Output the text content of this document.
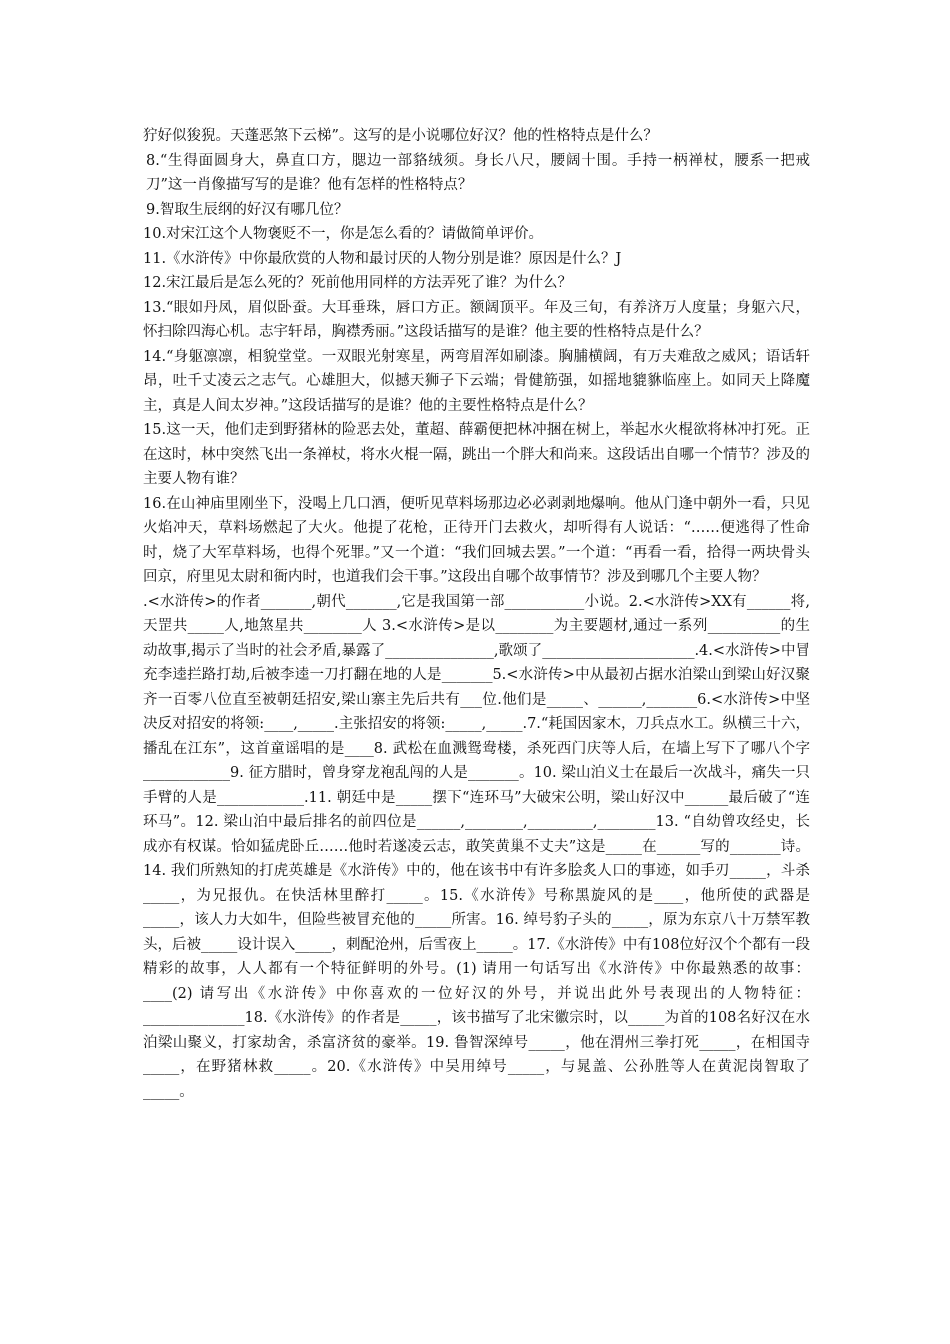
狞好似狻猊。天蓬恶煞下云梯”。这写的是小说哪位好汉？他的性格特点是什么？

8.“生得面圆身大，鼻直口方，腮边一部貉绒须。身长八尺，腰阔十围。手持一柄禅杖，腰系一把戒刀”这一肖像描写写的是谁？他有怎样的性格特点？

9.智取生辰纲的好汉有哪几位？

10.对宋江这个人物褒贬不一，你是怎么看的？请做简单评价。

11.《水浒传》中你最欣赏的人物和最讨厌的人物分别是谁？原因是什么？J

12.宋江最后是怎么死的？死前他用同样的方法弄死了谁？为什么？

13.“眼如丹凤，眉似卧蚕。大耳垂珠，唇口方正。额阔顶平。年及三旬，有养济万人度量；身躯六尺，怀扫除四海心机。志宇轩昂，胸襟秀丽。”这段话描写的是谁？他主要的性格特点是什么？

14.“身躯凛凛，相貌堂堂。一双眼光射寒星，两弯眉浑如刷漆。胸脯横阔，有万夫难敌之威风；语话轩昂，吐千丈凌云之志气。心雄胆大，似撼天狮子下云端；骨健筋强，如摇地貔貅临座上。如同天上降魔主，真是人间太岁神。”这段话描写的是谁？他的主要性格特点是什么？

15.这一天，他们走到野猪林的险恶去处，董超、薛霸便把林冲捆在树上，举起水火棍欲将林冲打死。正在这时，林中突然飞出一条禅杖，将水火棍一隔，跳出一个胖大和尚来。这段话出自哪一个情节？涉及的主要人物有谁？

16.在山神庙里刚坐下，没喝上几口酒，便听见草料场那边必必剥剥地爆响。他从门逢中朝外一看，只见火焰冲天，草料场燃起了大火。他提了花枪，正待开门去救火，却听得有人说话：“……便逃得了性命时，烧了大军草料场，也得个死罪。”又一个道：“我们回城去罢。”一个道：“再看一看，拾得一两块骨头回京，府里见太尉和衙内时，也道我们会干事。”这段出自哪个故事情节？涉及到哪几个主要人物？

.<水浒传>的作者_______,朝代_______,它是我国第一部___________小说。2.<水浒传>XX有______将,天罡共_____人,地煞星共________人 3.<水浒传>是以________为主要题材,通过一系列__________的生动故事,揭示了当时的社会矛盾,暴露了_______________,歌颂了_____________________.4.<水浒传>中冒充李逵拦路打劫,后被李逵一刀打翻在地的人是_______5.<水浒传>中从最初占据水泊梁山到梁山好汉聚齐一百零八位直至被朝廷招安,梁山寨主先后共有___位.他们是_____、______,_______6.<水浒传>中坚决反对招安的将领:____,_____.主张招安的将领:_____,_____.7.“耗国因家木，刀兵点水工。纵横三十六，播乱在江东”，这首童谣唱的是____8. 武松在血溅鸳鸯楼，杀死西门庆等人后，在墙上写下了哪八个字____________9. 征方腊时，曾身穿龙袍乱闯的人是_______。10. 梁山泊义士在最后一次战斗，痛失一只手臂的人是____________.11. 朝廷中是_____摆下“连环马”大破宋公明，梁山好汉中______最后破了“连环马”。12. 梁山泊中最后排名的前四位是______,________,_________,________13. “自幼曾攻经史，长成亦有权谋。恰如猛虎卧丘……他时若遂凌云志，敢笑黄巢不丈夫”这是_____在______写的_______诗。14. 我们所熟知的打虎英雄是《水浒传》中的，他在该书中有许多脍炙人口的事迹，如手刃_____，斗杀_____，为兄报仇。在快活林里醉打_____。15.《水浒传》号称黑旋风的是____，他所使的武器是_____，该人力大如牛，但险些被冒充他的_____所害。16. 绰号豹子头的_____，原为东京八十万禁军教头，后被_____设计误入_____，刺配沧州，后雪夜上_____。17.《水浒传》中有108位好汉个个都有一段精彩的故事，人人都有一个特征鲜明的外号。(1) 请用一句话写出《水浒传》中你最熟悉的故事：____(2) 请写出《水浒传》中你喜欢的一位好汉的外号，并说出此外号表现出的人物特征：______________18.《水浒传》的作者是_____，该书描写了北宋徽宗时，以_____为首的108名好汉在水泊梁山聚义，打家劫舍，杀富济贫的豪举。19. 鲁智深绰号_____，他在渭州三拳打死_____，在相国寺_____，在野猪林救_____。20.《水浒传》中吴用绰号_____，与晁盖、公孙胜等人在黄泥岗智取了_____。
